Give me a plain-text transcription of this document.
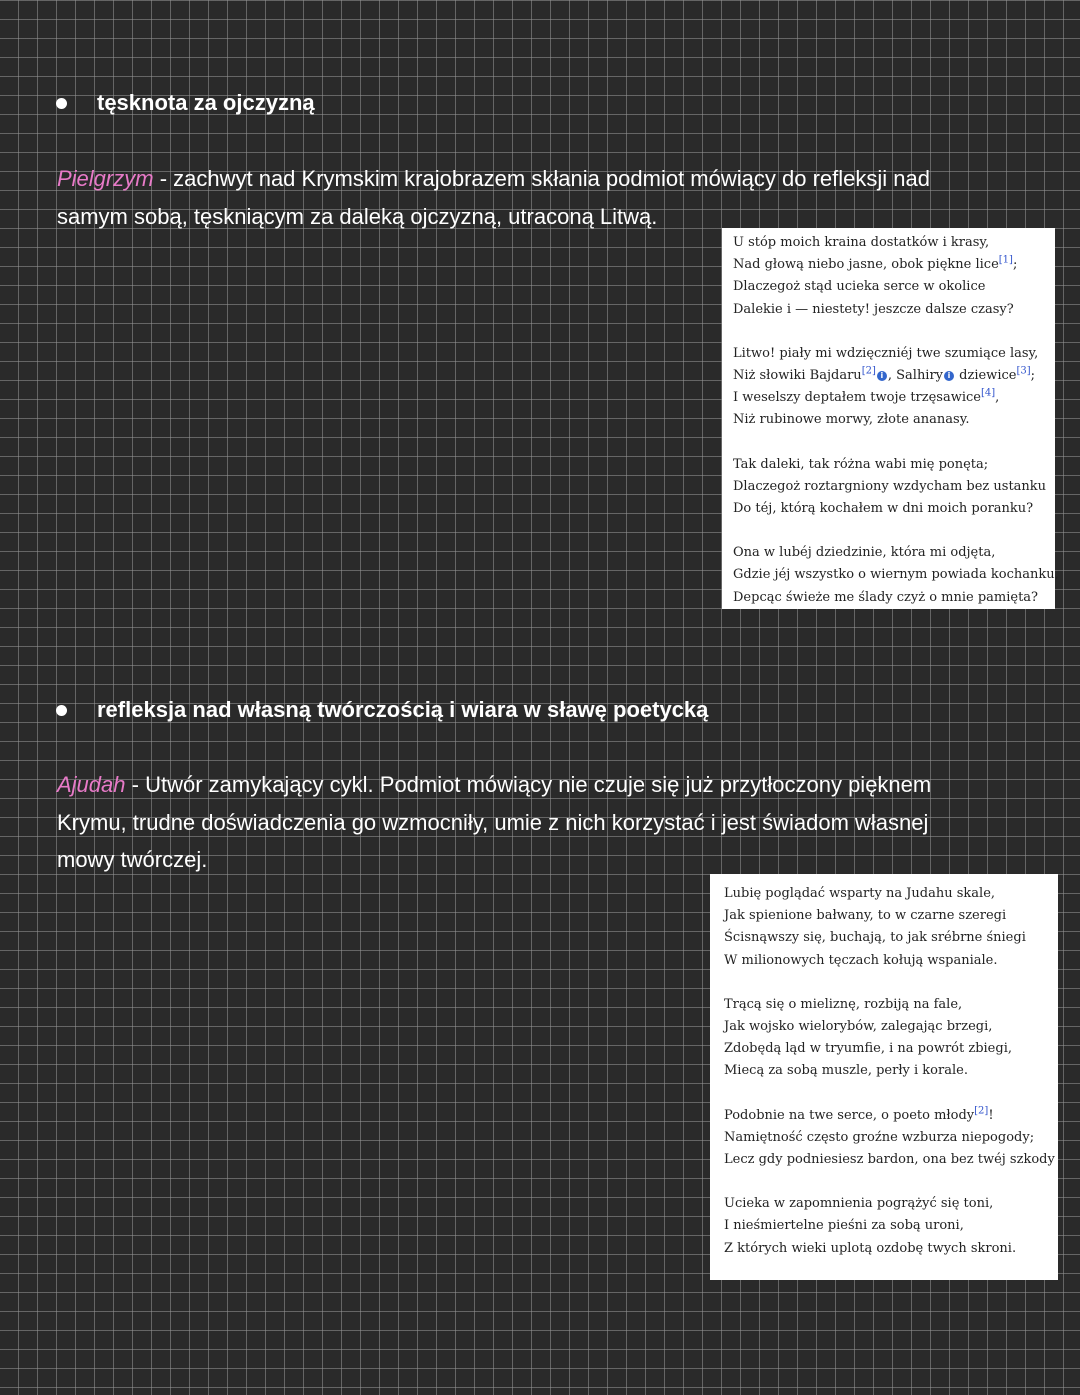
tęsknota za ojczyzną

Pielgrzym - zachwyt nad Krymskim krajobrazem skłania podmiot mówiący do refleksji nad
samym sobą, tęskniącym za daleką ojczyzną, utraconą Litwą.

U stóp moich kraina dostatków i krasy,
Nad głową niebo jasne, obok piękne lice[1];
Dlaczegoż stąd ucieka serce w okolice
Dalekie i — niestety! jeszcze dalsze czasy?
Litwo! piały mi wdzięczniéj twe szumiące lasy,
Niż słowiki Bajdaru[2] i , Salhiry i dziewice[3];
I weselszy deptałem twoje trzęsawice[4],
Niż rubinowe morwy, złote ananasy.
Tak daleki, tak różna wabi mię ponęta;
Dlaczegoż roztargniony wzdycham bez ustanku
Do téj, którą kochałem w dni moich poranku?
Ona w lubéj dziedzinie, która mi odjęta,
Gdzie jéj wszystko o wiernym powiada kochanku,
Depcąc świeże me ślady czyż o mnie pamięta?
refleksja nad własną twórczością i wiara w sławę poetycką

Ajudah - Utwór zamykający cykl. Podmiot mówiący nie czuje się już przytłoczony pięknem
Krymu, trudne doświadczenia go wzmocniły, umie z nich korzystać i jest świadom własnej
mowy twórczej.

Lubię poglądać wsparty na Judahu skale,
Jak spienione bałwany, to w czarne szeregi
Ścisnąwszy się, buchają, to jak srébrne śniegi
W milionowych tęczach kołują wspaniale.
Trącą się o mieliznę, rozbiją na fale,
Jak wojsko wielorybów, zalegając brzegi,
Zdobędą ląd w tryumfie, i na powrót zbiegi,
Miecą za sobą muszle, perły i korale.
Podobnie na twe serce, o poeto młody[2]!
Namiętność często groźne wzburza niepogody;
Lecz gdy podniesiesz bardon, ona bez twéj szkody
Ucieka w zapomnienia pogrążyć się toni,
I nieśmiertelne pieśni za sobą uroni,
Z których wieki uplotą ozdobę twych skroni.
